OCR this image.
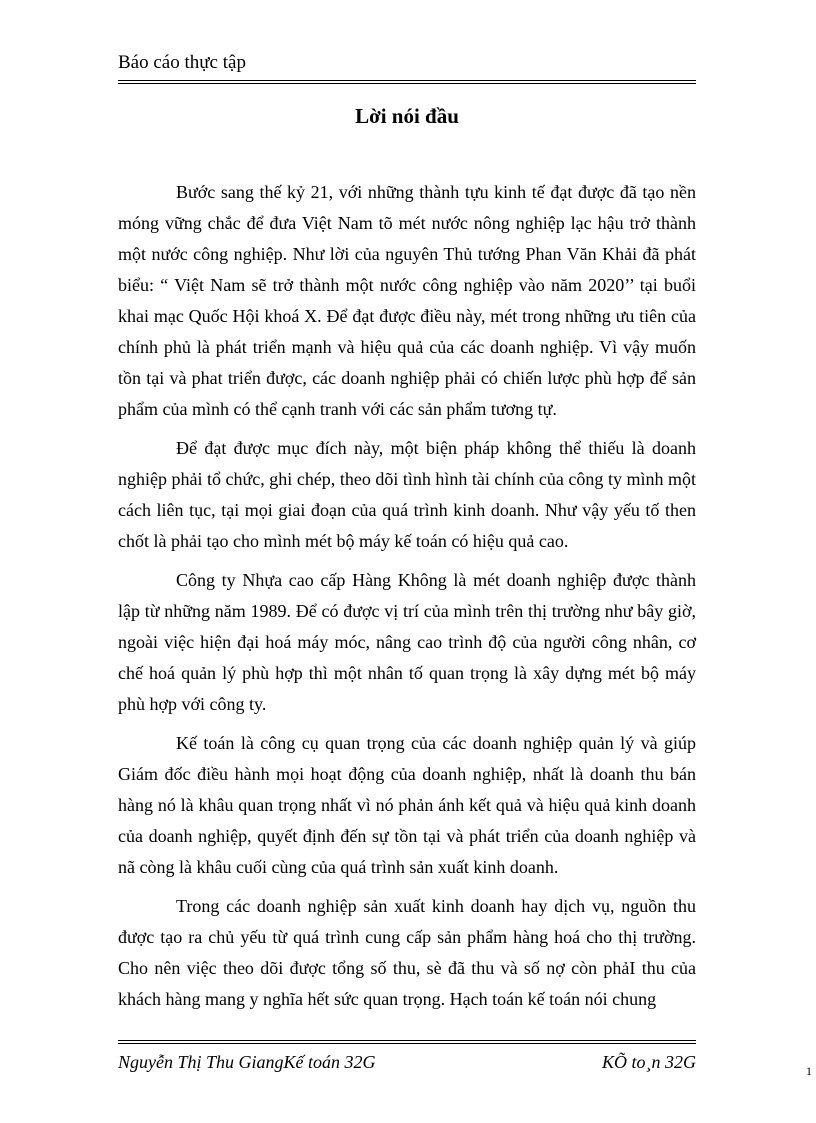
Báo cáo thực tập
Lời nói đầu

Bước sang thế kỷ 21, với những thành tựu kinh tế đạt được đã tạo nền móng vững chắc để đưa Việt Nam tõ mét nước nông nghiệp lạc hậu trở thành một nước công nghiệp. Như lời của nguyên Thủ tướng Phan Văn Khải đã phát biểu: “ Việt Nam sẽ trở thành một nước công nghiệp vào năm 2020’’ tại buổi khai mạc Quốc Hội khoá X. Để đạt được điều này, mét trong những ưu tiên của chính phủ là phát triển mạnh và hiệu quả của các doanh nghiệp. Vì vậy muốn tồn tại và phat triển được, các doanh nghiệp phải có chiến lược phù hợp để sản phẩm của mình có thể cạnh tranh với các sản phẩm tương tự.

Để đạt được mục đích này, một biện pháp không thể thiếu là doanh nghiệp phải tổ chức, ghi chép, theo dõi tình hình tài chính của công ty mình một cách liên tục, tại mọi giai đoạn của quá trình kinh doanh. Như vậy yếu tố then chốt là phải tạo cho mình mét bộ máy kế toán có hiệu quả cao.

Công ty Nhựa cao cấp Hàng Không là mét doanh nghiệp được thành lập từ những năm 1989. Để có được vị trí của mình trên thị trường như bây giờ, ngoài việc hiện đại hoá máy móc, nâng cao trình độ của người công nhân, cơ chế hoá quản lý phù hợp thì một nhân tố quan trọng là xây dựng mét bộ máy phù hợp với công ty.

Kế toán là công cụ quan trọng của các doanh nghiệp quản lý và giúp Giám đốc điều hành mọi hoạt động của doanh nghiệp, nhất là doanh thu bán hàng nó là khâu quan trọng nhất vì nó phản ánh kết quả và hiệu quả kinh doanh của doanh nghiệp, quyết định đến sự tồn tại và phát triển của doanh nghiệp và nã còng là khâu cuối cùng của quá trình sản xuất kinh doanh.

Trong các doanh nghiệp sản xuất kinh doanh hay dịch vụ, nguồn thu được tạo ra chủ yếu từ quá trình cung cấp sản phẩm hàng hoá cho thị trường. Cho nên việc theo dõi được tổng số thu, sè đã thu và số nợ còn phảI thu của khách hàng mang y nghĩa hết sức quan trọng. Hạch toán kế toán nói chung

Nguyễn Thị Thu GiangKế toán 32G	KÕ to¸n 32G	1
